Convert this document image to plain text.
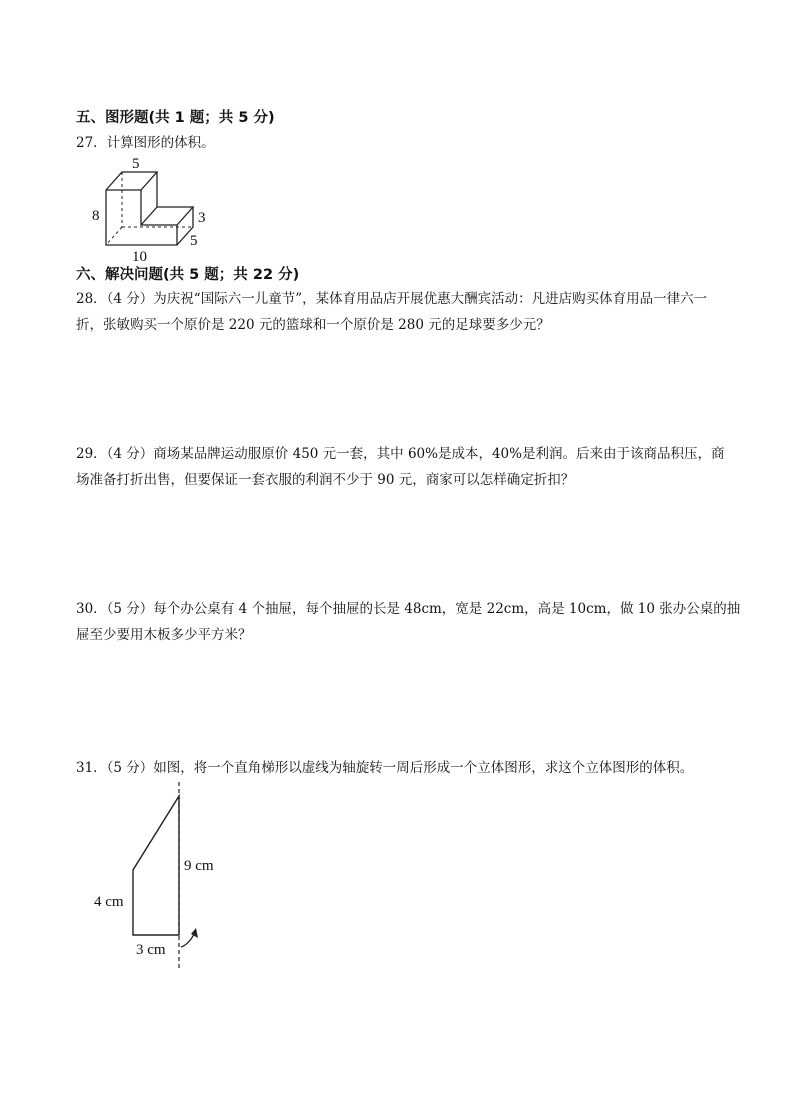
五、图形题(共 1 题；共 5 分)

27．计算图形的体积。

5
8	3
5
10
六、解决问题(共 5 题；共 22 分)

28．（4 分）为庆祝“国际六一儿童节”，某体育用品店开展优惠大酬宾活动：凡进店购买体育用品一律六一

折，张敏购买一个原价是 220 元的篮球和一个原价是 280 元的足球要多少元？

29．（4 分）商场某品牌运动服原价 450 元一套，其中 60%是成本，40%是利润。后来由于该商品积压，商

场准备打折出售，但要保证一套衣服的利润不少于 90 元，商家可以怎样确定折扣？

30．（5 分）每个办公桌有 4 个抽屉，每个抽屉的长是 48cm，宽是 22cm，高是 10cm，做 10 张办公桌的抽

屉至少要用木板多少平方米？

31．（5 分）如图，将一个直角梯形以虚线为轴旋转一周后形成一个立体图形，求这个立体图形的体积。

9 cm
4 cm
3 cm
